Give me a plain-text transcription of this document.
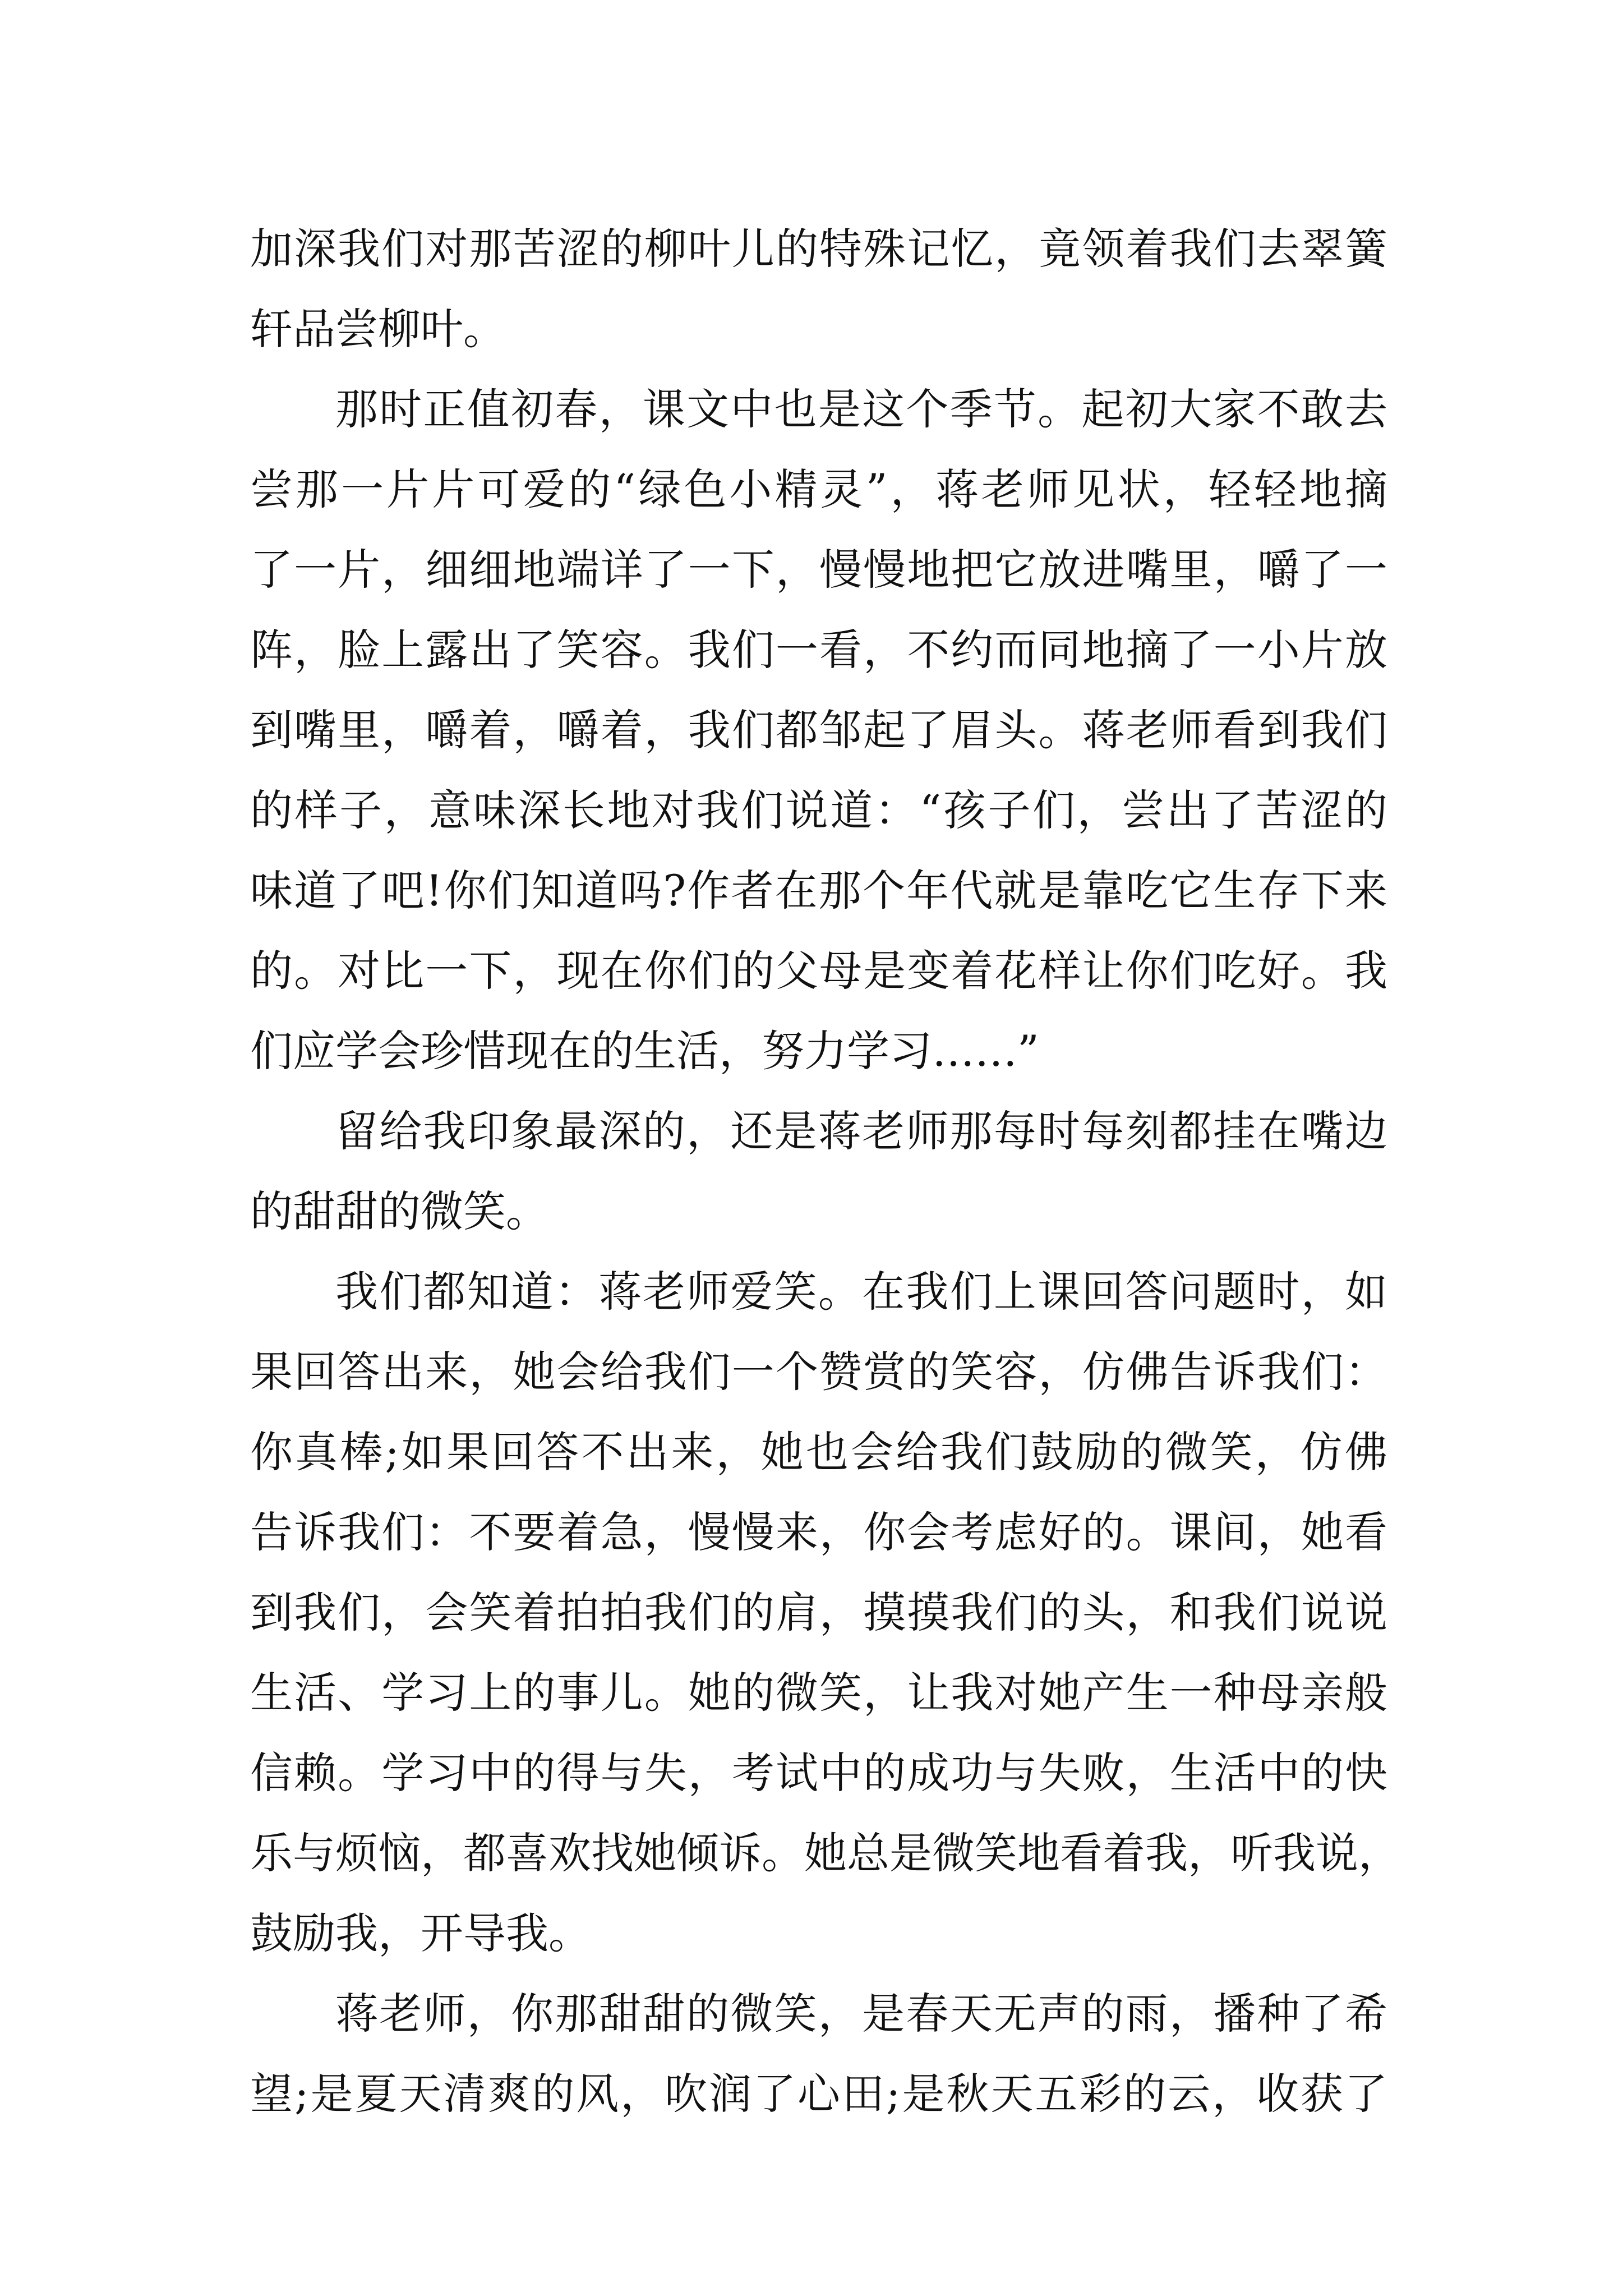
加深我们对那苦涩的柳叶儿的特殊记忆，竟领着我们去翠簧
轩品尝柳叶。
那时正值初春，课文中也是这个季节。起初大家不敢去
尝那一片片可爱的“绿色小精灵”，蒋老师见状，轻轻地摘
了一片，细细地端详了一下，慢慢地把它放进嘴里，嚼了一
阵，脸上露出了笑容。我们一看，不约而同地摘了一小片放
到嘴里，嚼着，嚼着，我们都邹起了眉头。蒋老师看到我们
的样子，意味深长地对我们说道：“孩子们，尝出了苦涩的
味道了吧!你们知道吗?作者在那个年代就是靠吃它生存下来
的。对比一下，现在你们的父母是变着花样让你们吃好。我
们应学会珍惜现在的生活，努力学习……”
留给我印象最深的，还是蒋老师那每时每刻都挂在嘴边
的甜甜的微笑。
我们都知道：蒋老师爱笑。在我们上课回答问题时，如
果回答出来，她会给我们一个赞赏的笑容，仿佛告诉我们：
你真棒;如果回答不出来，她也会给我们鼓励的微笑，仿佛
告诉我们：不要着急，慢慢来，你会考虑好的。课间，她看
到我们，会笑着拍拍我们的肩，摸摸我们的头，和我们说说
生活、学习上的事儿。她的微笑，让我对她产生一种母亲般
信赖。学习中的得与失，考试中的成功与失败，生活中的快
乐与烦恼，都喜欢找她倾诉。她总是微笑地看着我，听我说，
鼓励我，开导我。
蒋老师，你那甜甜的微笑，是春天无声的雨，播种了希
望;是夏天清爽的风，吹润了心田;是秋天五彩的云，收获了
